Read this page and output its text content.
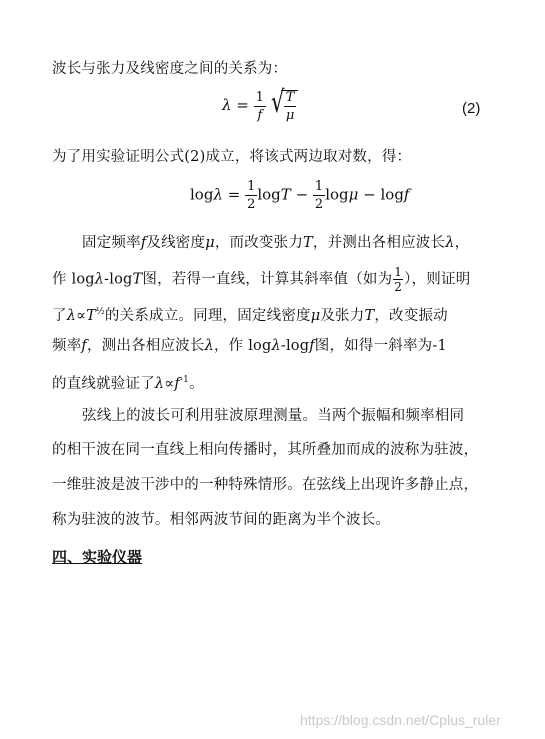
波长与张力及线密度之间的关系为：
$\lambda = \frac{1}{f}$
√ $\frac{T}{\mu}$	(2)
为了用实验证明公式(2)成立，将该式两边取对数，得：
$\log\lambda = \frac{1}{2}$ $\log T - \frac{1}{2}$ logμ − logf
固定频率f及线密度μ，而改变张力T，并测出各相应波长λ，
作 logλ-logT图，若得一直线，计算其斜率值（如为 $\frac{1}{2}$ ），则证明
了$\lambda\propto T^{\frac{1}{2}}$的关系成立。同理，固定线密度μ及张力T，改变振动
频率f，测出各相应波长λ，作 logλ-logf图，如得一斜率为-1
的直线就验证了$\lambda\propto f^{-1}$。
弦线上的波长可利用驻波原理测量。当两个振幅和频率相同
的相干波在同一直线上相向传播时，其所叠加而成的波称为驻波，
一维驻波是波干涉中的一种特殊情形。在弦线上出现许多静止点，
称为驻波的波节。相邻两波节间的距离为半个波长。
四、实验仪器
https://blog.csdn.net/Cplus_ruler
